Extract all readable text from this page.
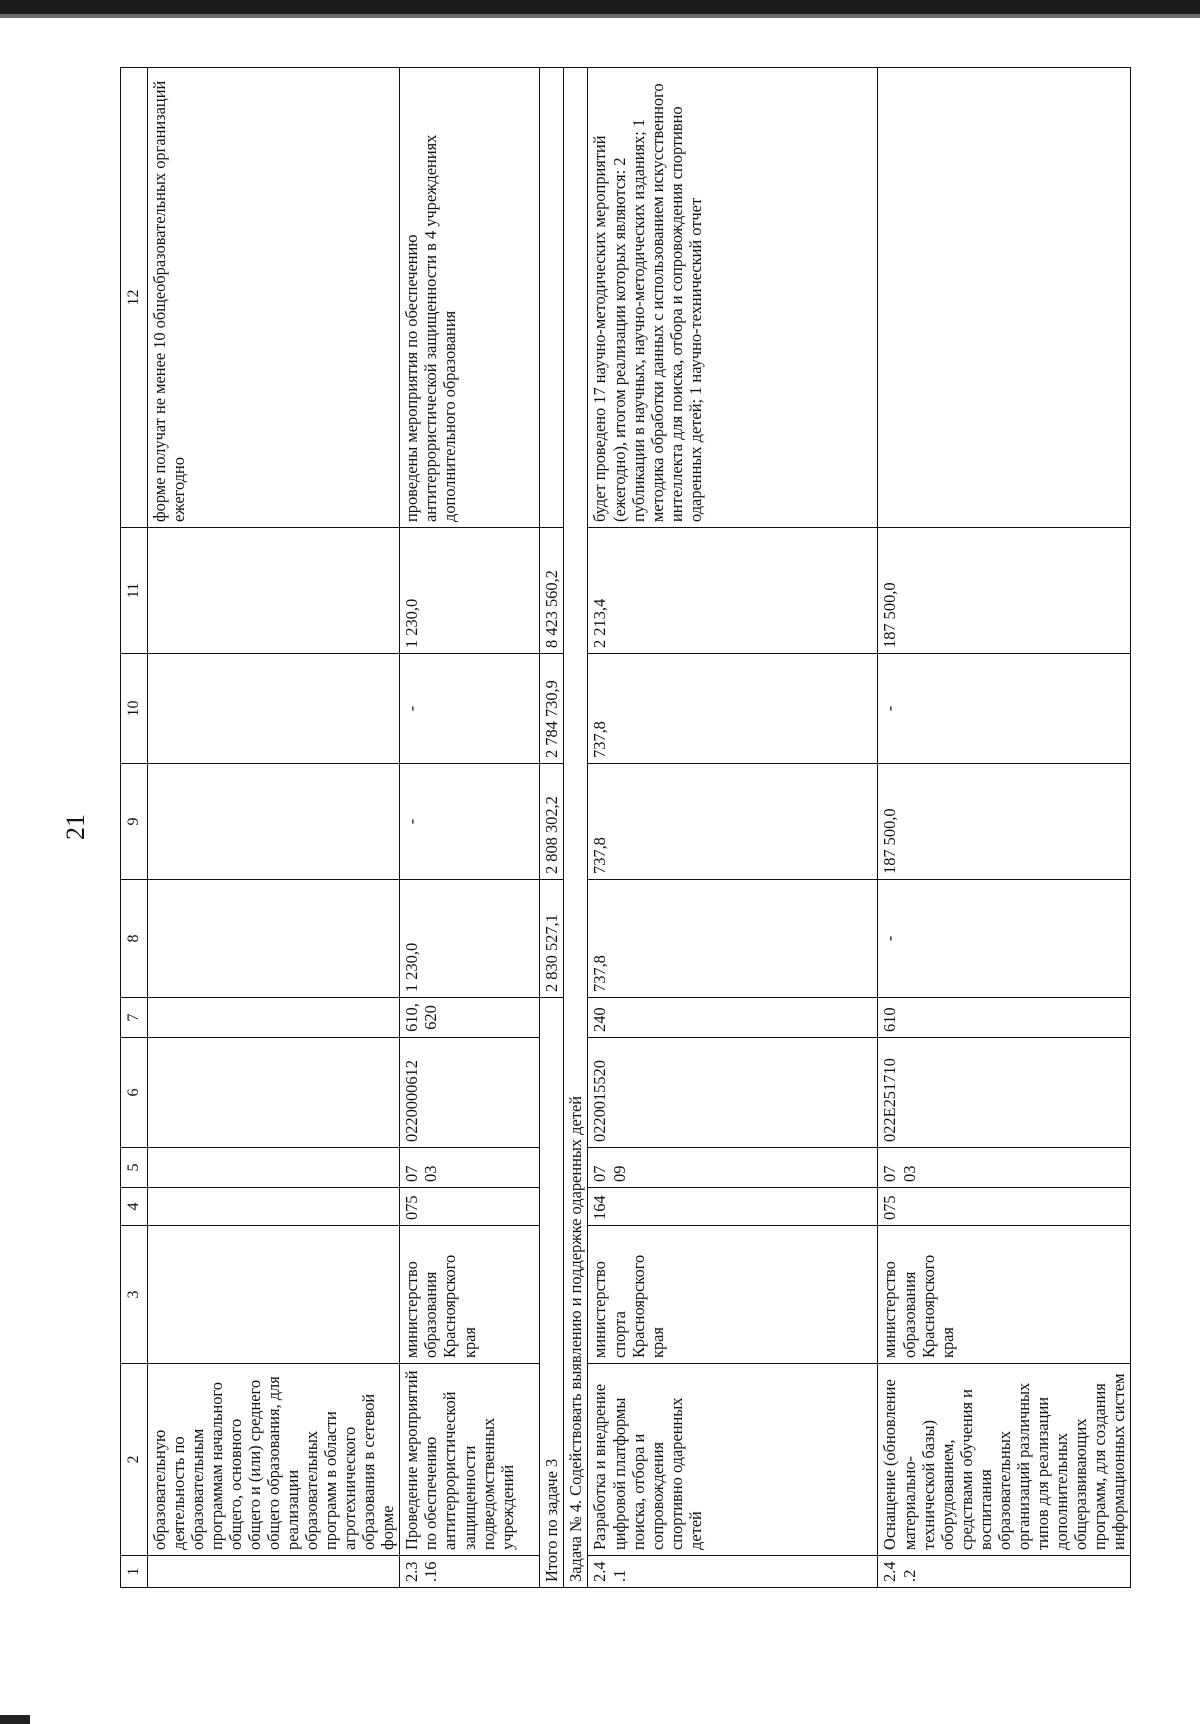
21
1	2	3	4	5	6	7	8	9	10	11	12
	образовательную деятельность по образовательным программам начального общего, основного общего и (или) среднего общего образования, для реализации образовательных программ в области агротехнического образования в сетевой форме										форме получат не менее 10 общеобразовательных организаций ежегодно
2.3.16	Проведение мероприятий по обеспечению антитеррористической защищенности подведомственных учреждений	министерство образования Красноярского края	075	07 03	0220000612	610, 620	1 230,0	-	-	1 230,0	проведены мероприятия по обеспечению антитеррористической защищенности в 4 учреждениях дополнительного образования
Итого по задаче 3							2 830 527,1	2 808 302,2	2 784 730,9	8 423 560,2	
Задача № 4. Содействовать выявлению и поддержке одаренных детей											
2.4.1	Разработка и внедрение цифровой платформы поиска, отбора и сопровождения спортивно одаренных детей	министерство спорта Красноярского края	164	07 09	0220015520	240	737,8	737,8	737,8	2 213,4	будет проведено 17 научно-методических мероприятий (ежегодно), итогом реализации которых являются: 2 публикации в научных, научно-методических изданиях; 1 методика обработки данных с использованием искусственного интеллекта для поиска, отбора и сопровождения спортивно одаренных детей; 1 научно-технический отчет
2.4.2	Оснащение (обновление материально-технической базы) оборудованием, средствами обучения и воспитания образовательных организаций различных типов для реализации дополнительных общеразвивающих программ, для создания информационных систем	министерство образования Красноярского края	075	07 03	022E251710	610	-	187 500,0	-	187 500,0	
